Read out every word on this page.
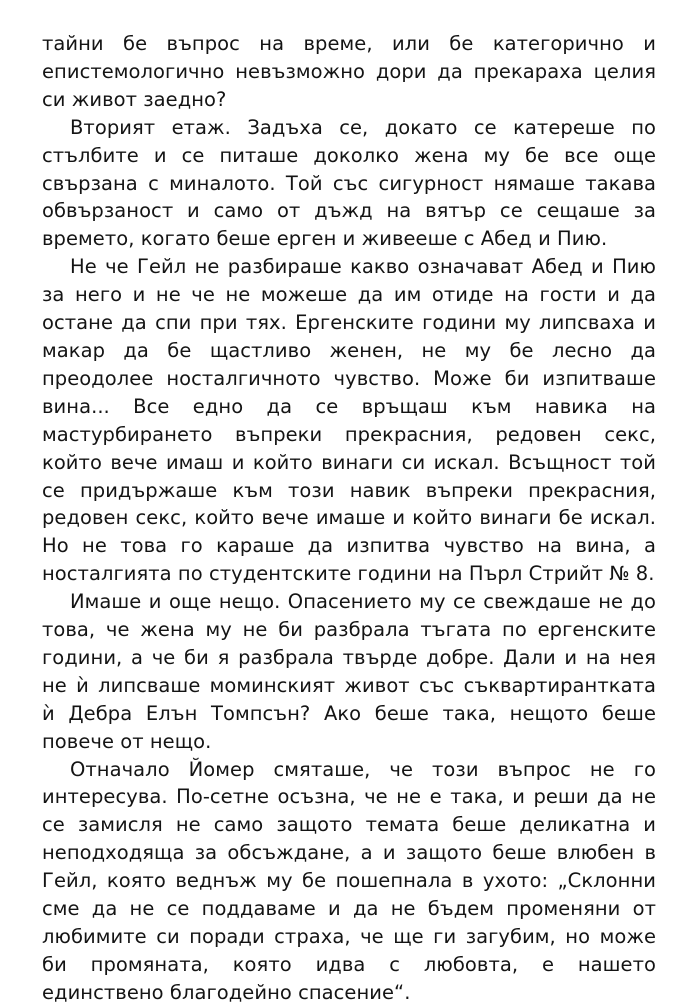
тайни бе въпрос на време, или бе категорично и епистемологично невъзможно дори да прекараха целия си живот заедно?

Вторият етаж. Задъха се, докато се катереше по стълбите и се питаше доколко жена му бе все още свързана с миналото. Той със сигурност нямаше такава обвързаност и само от дъжд на вятър се сещаше за времето, когато беше ерген и живееше с Абед и Пию.

Не че Гейл не разбираше какво означават Абед и Пию за него и не че не можеше да им отиде на гости и да остане да спи при тях. Ергенските години му липсваха и макар да бе щастливо женен, не му бе лесно да преодолее носталгичното чувство. Може би изпитваше вина... Все едно да се връщаш към навика на мастурбирането въпреки прекрасния, редовен секс, който вече имаш и който винаги си искал. Всъщност той се придържаше към този навик въпреки прекрасния, редовен секс, който вече имаше и който винаги бе искал. Но не това го караше да изпитва чувство на вина, а носталгията по студентските години на Пърл Стрийт № 8.

Имаше и още нещо. Опасението му се свеждаше не до това, че жена му не би разбрала тъгата по ергенските години, а че би я разбрала твърде добре. Дали и на нея не ѝ липсваше моминският живот със съквартирантката ѝ Дебра Елън Томпсън? Ако беше така, нещото беше повече от нещо.

Отначало Йомер смяташе, че този въпрос не го интересува. По-сетне осъзна, че не е така, и реши да не се замисля не само защото темата беше деликатна и неподходяща за обсъждане, а и защото беше влюбен в Гейл, която веднъж му бе пошепнала в ухото: „Склонни сме да не се поддаваме и да не бъдем променяни от любимите си поради страха, че ще ги загубим, но може би промяната, която идва с любовта, е нашето единствено благодейно спасение“.
